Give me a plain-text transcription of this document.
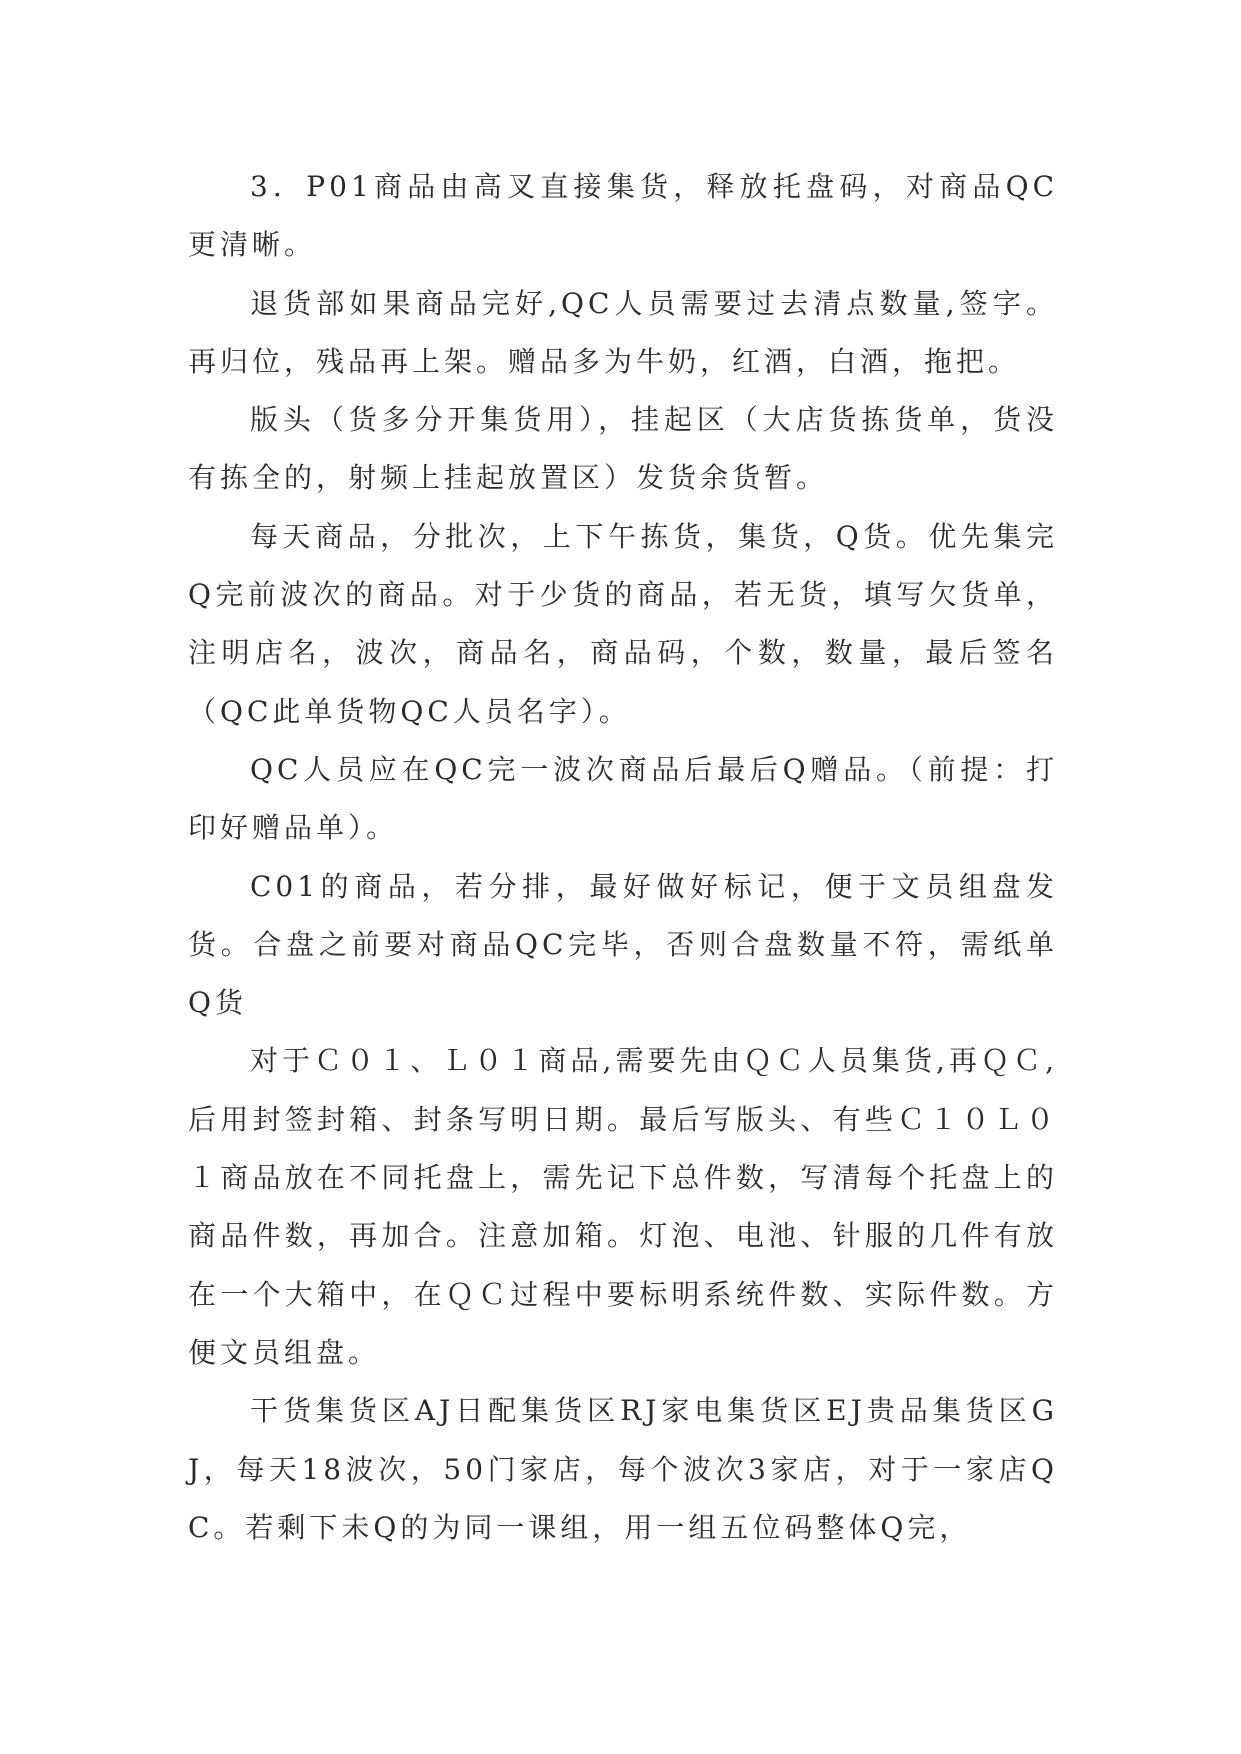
3．P01商品由高叉直接集货，释放托盘码，对商品QC更清晰。

退货部如果商品完好,QC人员需要过去清点数量,签字。再归位，残品再上架。赠品多为牛奶，红酒，白酒，拖把。

版头（货多分开集货用），挂起区（大店货拣货单，货没有拣全的，射频上挂起放置区）发货余货暂。

每天商品，分批次，上下午拣货，集货，Q货。优先集完Q完前波次的商品。对于少货的商品，若无货，填写欠货单，注明店名，波次，商品名，商品码，个数，数量，最后签名（QC此单货物QC人员名字）。

QC人员应在QC完一波次商品后最后Q赠品。（前提：打印好赠品单）。

C01的商品，若分排，最好做好标记，便于文员组盘发货。合盘之前要对商品QC完毕，否则合盘数量不符，需纸单Q货

对于Ｃ０１、Ｌ０１商品,需要先由ＱＣ人员集货,再ＱＣ,后用封签封箱、封条写明日期。最后写版头、有些Ｃ１０Ｌ０１商品放在不同托盘上，需先记下总件数，写清每个托盘上的商品件数，再加合。注意加箱。灯泡、电池、针服的几件有放在一个大箱中，在ＱＣ过程中要标明系统件数、实际件数。方便文员组盘。

干货集货区AJ日配集货区RJ家电集货区EJ贵品集货区GJ，每天18波次，50门家店，每个波次3家店，对于一家店QC。若剩下未Q的为同一课组，用一组五位码整体Q完，
